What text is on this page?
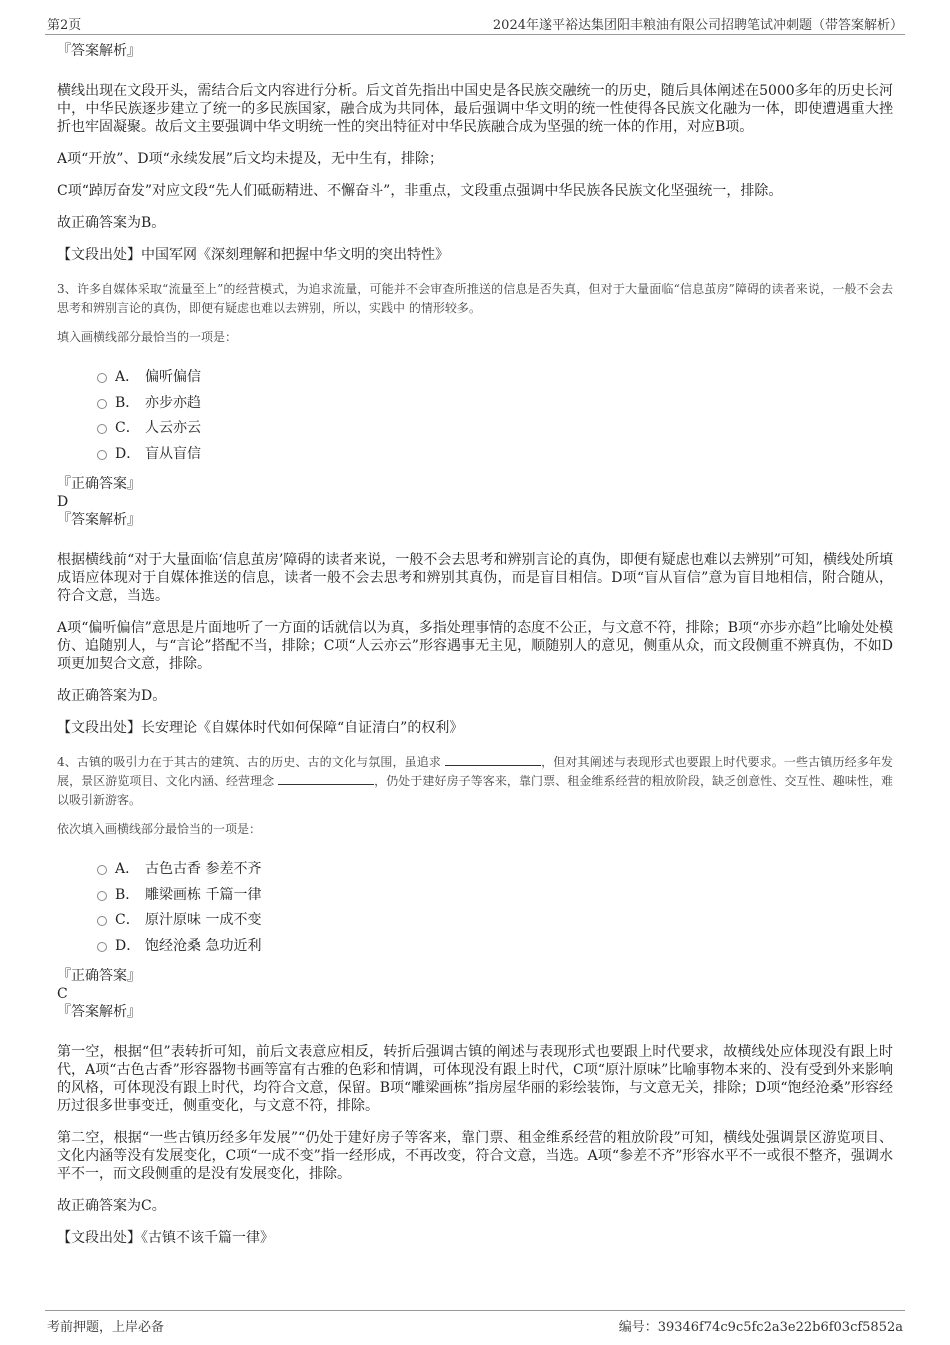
第2页	2024年遂平裕达集团阳丰粮油有限公司招聘笔试冲刺题（带答案解析）
『答案解析』

横线出现在文段开头，需结合后文内容进行分析。后文首先指出中国史是各民族交融统一的历史，随后具体阐述在5000多年的历史长河中，中华民族逐步建立了统一的多民族国家，融合成为共同体，最后强调中华文明的统一性使得各民族文化融为一体，即使遭遇重大挫折也牢固凝聚。故后文主要强调中华文明统一性的突出特征对中华民族融合成为坚强的统一体的作用，对应B项。

A项“开放”、D项“永续发展”后文均未提及，无中生有，排除；

C项“踔厉奋发”对应文段“先人们砥砺精进、不懈奋斗”，非重点，文段重点强调中华民族各民族文化坚强统一，排除。

故正确答案为B。

【文段出处】中国军网《深刻理解和把握中华文明的突出特性》

3、许多自媒体采取“流量至上”的经营模式，为追求流量，可能并不会审查所推送的信息是否失真，但对于大量面临“信息茧房”障碍的读者来说，一般不会去思考和辨别言论的真伪，即便有疑虑也难以去辨别，所以，实践中 的情形较多。

填入画横线部分最恰当的一项是：
A． 偏听偏信
B． 亦步亦趋
C． 人云亦云
D． 盲从盲信
『正确答案』
D
『答案解析』

根据横线前“对于大量面临‘信息茧房’障碍的读者来说，一般不会去思考和辨别言论的真伪，即便有疑虑也难以去辨别”可知，横线处所填成语应体现对于自媒体推送的信息，读者一般不会去思考和辨别其真伪，而是盲目相信。D项“盲从盲信”意为盲目地相信，附合随从，符合文意，当选。

A项“偏听偏信”意思是片面地听了一方面的话就信以为真，多指处理事情的态度不公正，与文意不符，排除；B项“亦步亦趋”比喻处处模仿、追随别人，与“言论”搭配不当，排除；C项“人云亦云”形容遇事无主见，顺随别人的意见，侧重从众，而文段侧重不辨真伪，不如D项更加契合文意，排除。

故正确答案为D。

【文段出处】长安理论《自媒体时代如何保障“自证清白”的权利》

4、古镇的吸引力在于其古的建筑、古的历史、古的文化与氛围，虽追求	，但对其阐述与表现形式也要跟上时代要求。一些古镇历经多年发展，景区游览项目、文化内涵、经营理念	，仍处于建好房子等客来，靠门票、租金维系经营的粗放阶段，缺乏创意性、交互性、趣味性，难以吸引新游客。

依次填入画横线部分最恰当的一项是：
A． 古色古香 参差不齐
B． 雕梁画栋 千篇一律
C． 原汁原味 一成不变
D． 饱经沧桑 急功近利
『正确答案』
C
『答案解析』

第一空，根据“但”表转折可知，前后文表意应相反，转折后强调古镇的阐述与表现形式也要跟上时代要求，故横线处应体现没有跟上时代，A项“古色古香”形容器物书画等富有古雅的色彩和情调，可体现没有跟上时代，C项“原汁原味”比喻事物本来的、没有受到外来影响的风格，可体现没有跟上时代，均符合文意，保留。B项“雕梁画栋”指房屋华丽的彩绘装饰，与文意无关，排除；D项“饱经沧桑”形容经历过很多世事变迁，侧重变化，与文意不符，排除。

第二空，根据“一些古镇历经多年发展”“仍处于建好房子等客来，靠门票、租金维系经营的粗放阶段”可知，横线处强调景区游览项目、文化内涵等没有发展变化，C项“一成不变”指一经形成，不再改变，符合文意，当选。A项“参差不齐”形容水平不一或很不整齐，强调水平不一，而文段侧重的是没有发展变化，排除。

故正确答案为C。

【文段出处】《古镇不该千篇一律》
考前押题，上岸必备	编号：39346f74c9c5fc2a3e22b6f03cf5852a
